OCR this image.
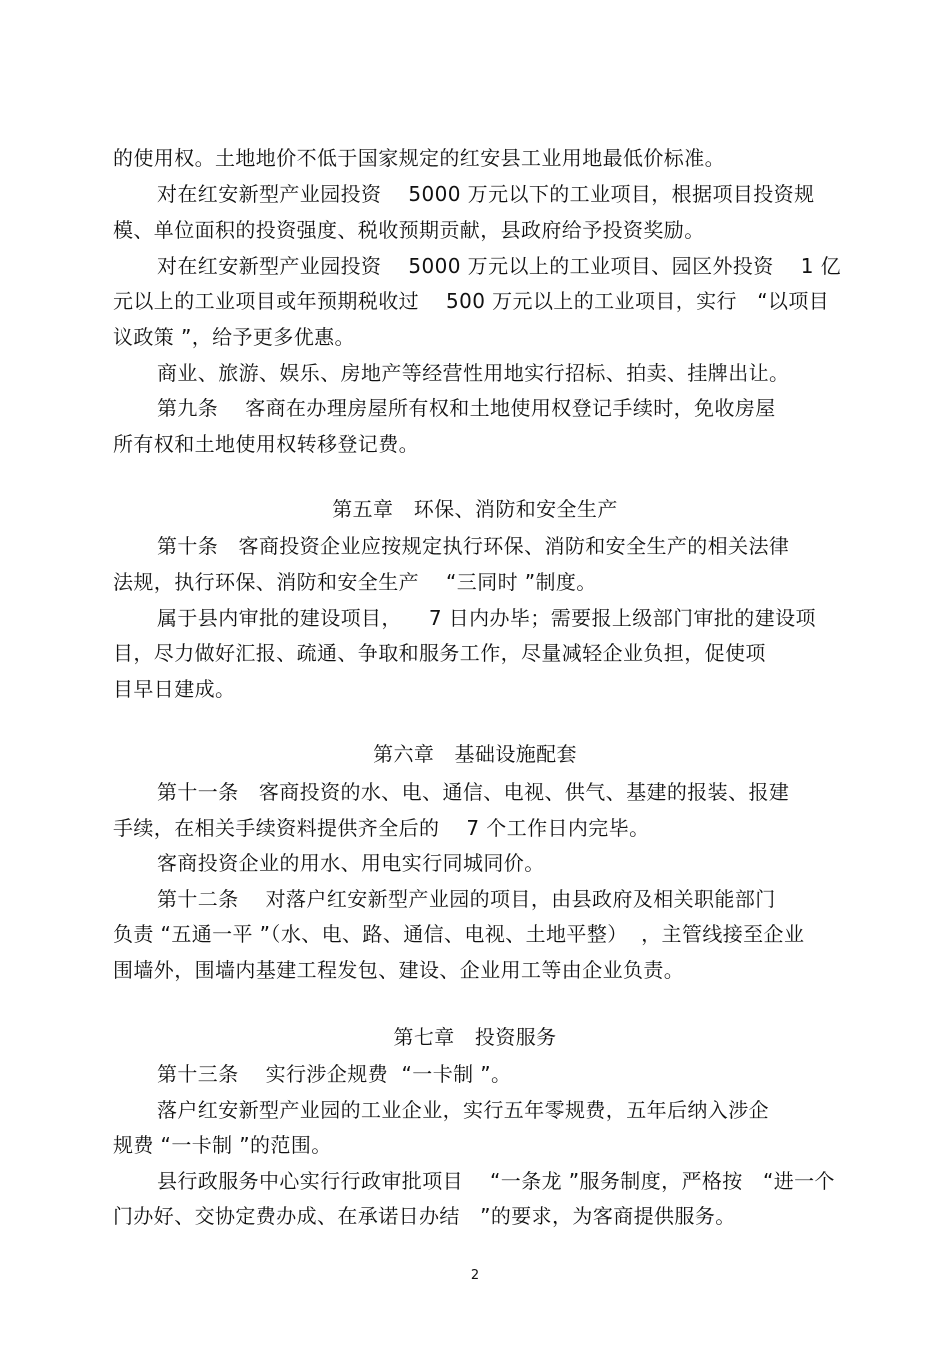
的使用权。土地地价不低于国家规定的红安县工业用地最低价标准。
对在红安新型产业园投资    5000 万元以下的工业项目，根据项目投资规
模、单位面积的投资强度、税收预期贡献，县政府给予投资奖励。
对在红安新型产业园投资    5000 万元以上的工业项目、园区外投资    1 亿
元以上的工业项目或年预期税收过    500 万元以上的工业项目，实行   “以项目
议政策 ”，给予更多优惠。
商业、旅游、娱乐、房地产等经营性用地实行招标、拍卖、挂牌出让。
第九条    客商在办理房屋所有权和土地使用权登记手续时，免收房屋
所有权和土地使用权转移登记费。
第五章   环保、消防和安全生产
第十条   客商投资企业应按规定执行环保、消防和安全生产的相关法律
法规，执行环保、消防和安全生产    “三同时 ”制度。
属于县内审批的建设项目，    7 日内办毕；需要报上级部门审批的建设项
目，尽力做好汇报、疏通、争取和服务工作，尽量减轻企业负担，促使项
目早日建成。
第六章   基础设施配套
第十一条   客商投资的水、电、通信、电视、供气、基建的报装、报建
手续，在相关手续资料提供齐全后的    7 个工作日内完毕。
客商投资企业的用水、用电实行同城同价。
第十二条    对落户红安新型产业园的项目，由县政府及相关职能部门
负责 “五通一平 ”（水、电、路、通信、电视、土地平整）  ，主管线接至企业
围墙外，围墙内基建工程发包、建设、企业用工等由企业负责。
第七章   投资服务
第十三条    实行涉企规费  “一卡制 ”。
落户红安新型产业园的工业企业，实行五年零规费，五年后纳入涉企
规费 “一卡制 ”的范围。
县行政服务中心实行行政审批项目    “一条龙 ”服务制度，严格按   “进一个
门办好、交协定费办成、在承诺日办结   ”的要求，为客商提供服务。
2
